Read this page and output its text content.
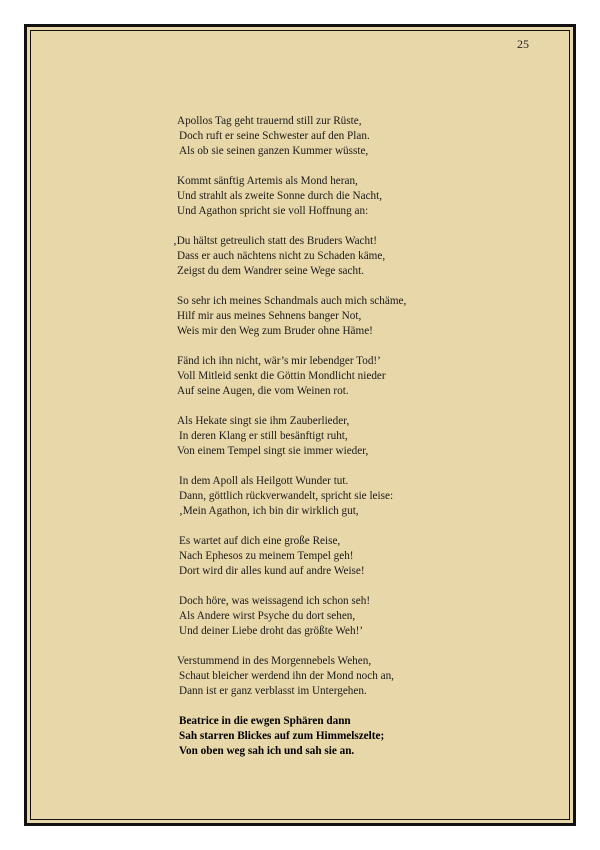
25
Apollos Tag geht trauernd still zur Rüste,
Doch ruft er seine Schwester auf den Plan.
Als ob sie seinen ganzen Kummer wüsste,
Kommt sänftig Artemis als Mond heran,
Und strahlt als zweite Sonne durch die Nacht,
Und Agathon spricht sie voll Hoffnung an:
‚Du hältst getreulich statt des Bruders Wacht!
Dass er auch nächtens nicht zu Schaden käme,
Zeigst du dem Wandrer seine Wege sacht.
So sehr ich meines Schandmals auch mich schäme,
Hilf mir aus meines Sehnens banger Not,
Weis mir den Weg zum Bruder ohne Häme!
Fänd ich ihn nicht, wär’s mir lebendger Tod!’
Voll Mitleid senkt die Göttin Mondlicht nieder
Auf seine Augen, die vom Weinen rot.
Als Hekate singt sie ihm Zauberlieder,
In deren Klang er still besänftigt ruht,
Von einem Tempel singt sie immer wieder,
In dem Apoll als Heilgott Wunder tut.
Dann, göttlich rückverwandelt, spricht sie leise:
‚Mein Agathon, ich bin dir wirklich gut,
Es wartet auf dich eine große Reise,
Nach Ephesos zu meinem Tempel geh!
Dort wird dir alles kund auf andre Weise!
Doch höre, was weissagend ich schon seh!
Als Andere wirst Psyche du dort sehen,
Und deiner Liebe droht das größte Weh!’
Verstummend in des Morgennebels Wehen,
Schaut bleicher werdend ihn der Mond noch an,
Dann ist er ganz verblasst im Untergehen.
Beatrice in die ewgen Sphären dann
Sah starren Blickes auf zum Himmelszelte;
Von oben weg sah ich und sah sie an.
